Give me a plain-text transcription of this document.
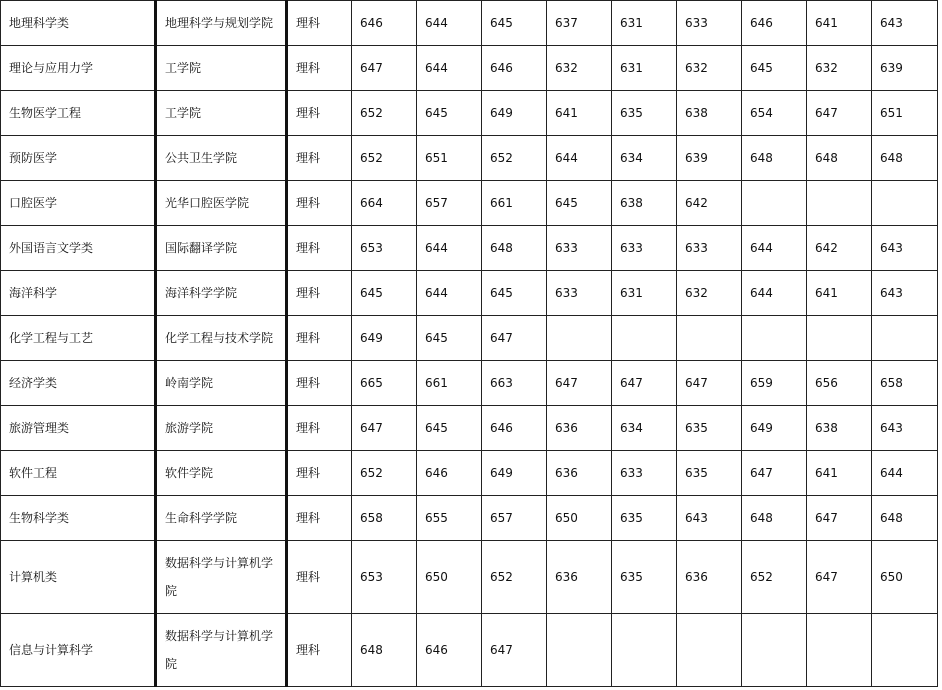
地理科学类	地理科学与规划学院	理科	646	644	645	637	631	633	646	641	643
理论与应用力学	工学院	理科	647	644	646	632	631	632	645	632	639
生物医学工程	工学院	理科	652	645	649	641	635	638	654	647	651
预防医学	公共卫生学院	理科	652	651	652	644	634	639	648	648	648
口腔医学	光华口腔医学院	理科	664	657	661	645	638	642			
外国语言文学类	国际翻译学院	理科	653	644	648	633	633	633	644	642	643
海洋科学	海洋科学学院	理科	645	644	645	633	631	632	644	641	643
化学工程与工艺	化学工程与技术学院	理科	649	645	647						
经济学类	岭南学院	理科	665	661	663	647	647	647	659	656	658
旅游管理类	旅游学院	理科	647	645	646	636	634	635	649	638	643
软件工程	软件学院	理科	652	646	649	636	633	635	647	641	644
生物科学类	生命科学学院	理科	658	655	657	650	635	643	648	647	648
计算机类	数据科学与计算机学院	理科	653	650	652	636	635	636	652	647	650
信息与计算科学	数据科学与计算机学院	理科	648	646	647						
